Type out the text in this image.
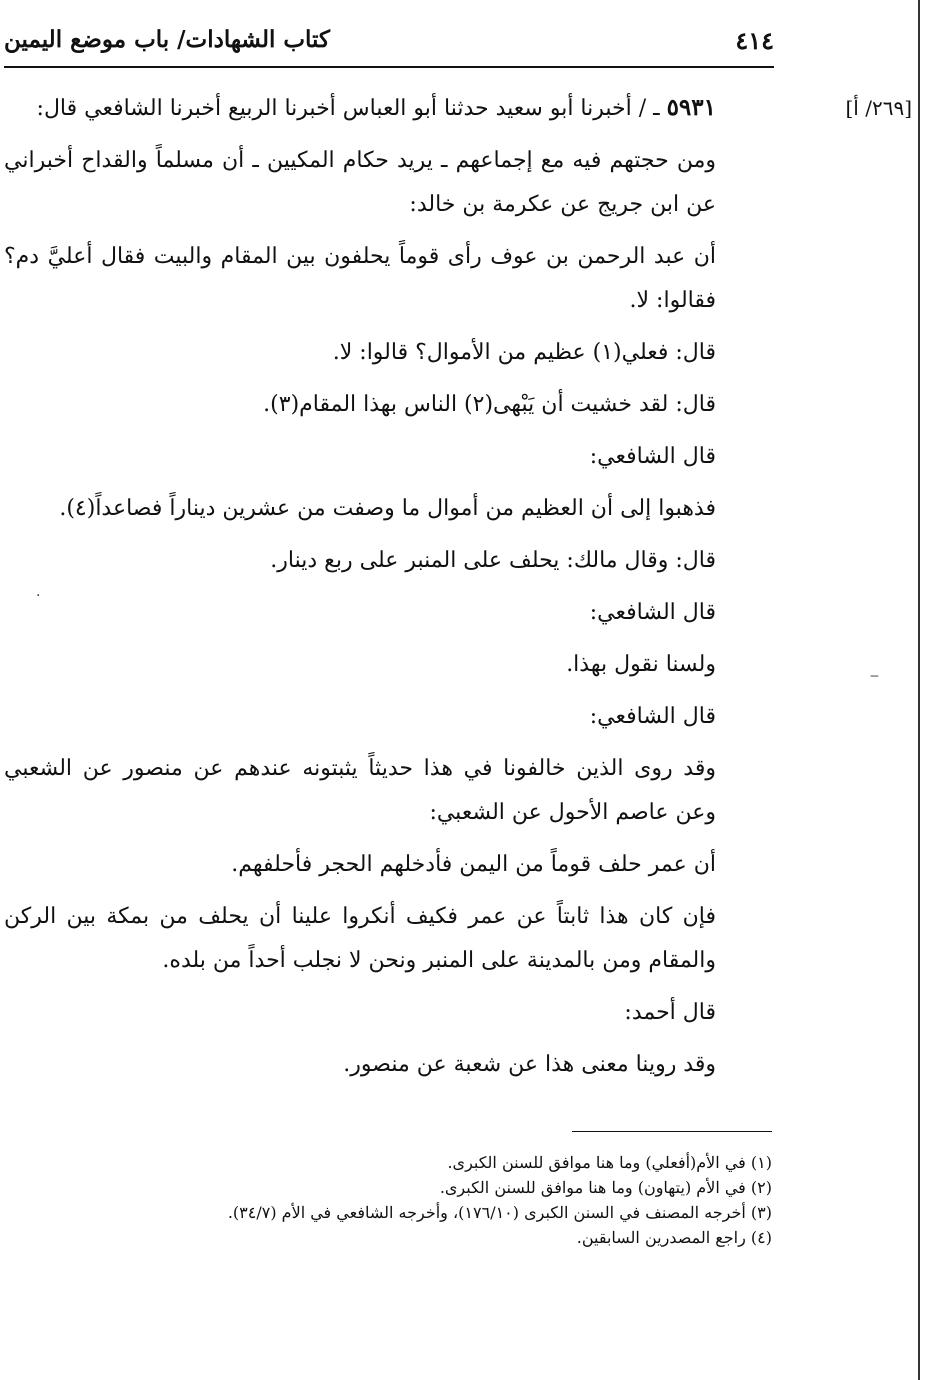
٤١٤
كتاب الشهادات/ باب موضع اليمين
[٢٦٩/ أ]

٥٩٣١ ـ / أخبرنا أبو سعيد حدثنا أبو العباس أخبرنا الربيع أخبرنا الشافعي قال:

ومن حجتهم فيه مع إجماعهم ـ يريد حكام المكيين ـ أن مسلماً والقداح أخبراني عن ابن جريج عن عكرمة بن خالد:

أن عبد الرحمن بن عوف رأى قوماً يحلفون بين المقام والبيت فقال أعليَّ دم؟ فقالوا: لا.

قال: فعلي(١) عظيم من الأموال؟ قالوا: لا.

قال: لقد خشيت أن يَبْهى(٢) الناس بهذا المقام(٣).

قال الشافعي:

فذهبوا إلى أن العظيم من أموال ما وصفت من عشرين ديناراً فصاعداً(٤).

قال: وقال مالك: يحلف على المنبر على ربع دينار.

قال الشافعي:

ولسنا نقول بهذا.

قال الشافعي:

وقد روى الذين خالفونا في هذا حديثاً يثبتونه عندهم عن منصور عن الشعبي وعن عاصم الأحول عن الشعبي:

أن عمر حلف قوماً من اليمن فأدخلهم الحجر فأحلفهم.

فإن كان هذا ثابتاً عن عمر فكيف أنكروا علينا أن يحلف من بمكة بين الركن والمقام ومن بالمدينة على المنبر ونحن لا نجلب أحداً من بلده.

قال أحمد:

وقد روينا معنى هذا عن شعبة عن منصور.

(١) في الأم(أفعلي) وما هنا موافق للسنن الكبرى.
(٢) في الأم (يتهاون) وما هنا موافق للسنن الكبرى.
(٣) أخرجه المصنف في السنن الكبرى (١٧٦/١٠)، وأخرجه الشافعي في الأم (٣٤/٧).
(٤) راجع المصدرين السابقين.
·
‒
